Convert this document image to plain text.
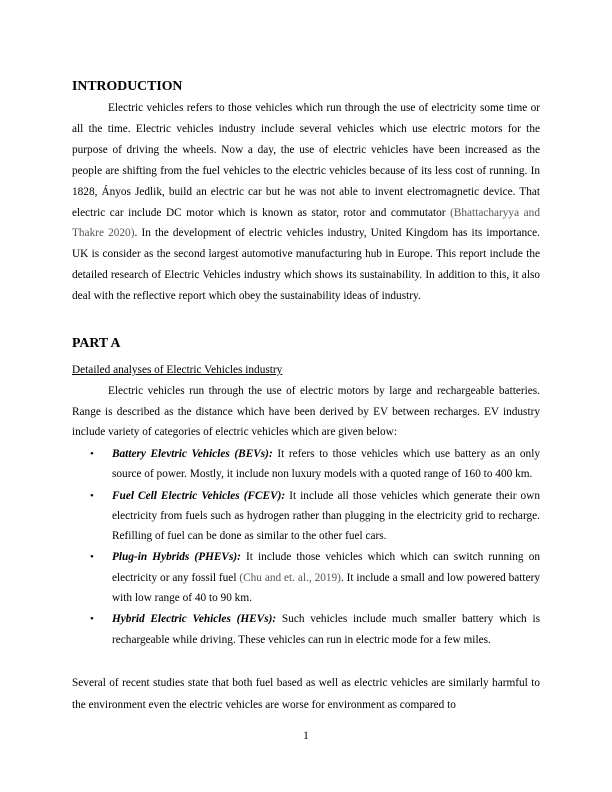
INTRODUCTION

Electric vehicles refers to those vehicles which run through the use of electricity some time or all the time. Electric vehicles industry include several vehicles which use electric motors for the purpose of driving the wheels. Now a day, the use of electric vehicles have been increased as the people are shifting from the fuel vehicles to the electric vehicles because of its less cost of running. In 1828, Ányos Jedlik, build an electric car but he was not able to invent electromagnetic device. That electric car include DC motor which is known as stator, rotor and commutator (Bhattacharyya and Thakre 2020). In the development of electric vehicles industry, United Kingdom has its importance. UK is consider as the second largest automotive manufacturing hub in Europe. This report include the detailed research of Electric Vehicles industry which shows its sustainability. In addition to this, it also deal with the reflective report which obey the sustainability ideas of industry.

PART A

Detailed analyses of Electric Vehicles industry

Electric vehicles run through the use of electric motors by large and rechargeable batteries. Range is described as the distance which have been derived by EV between recharges. EV industry include variety of categories of electric vehicles which are given below:

• Battery Elevtric Vehicles (BEVs): It refers to those vehicles which use battery as an only source of power. Mostly, it include non luxury models with a quoted range of 160 to 400 km.
• Fuel Cell Electric Vehicles (FCEV): It include all those vehicles which generate their own electricity from fuels such as hydrogen rather than plugging in the electricity grid to recharge. Refilling of fuel can be done as similar to the other fuel cars.
• Plug-in Hybrids (PHEVs): It include those vehicles which which can switch running on electricity or any fossil fuel (Chu and et. al., 2019). It include a small and low powered battery with low range of 40 to 90 km.
• Hybrid Electric Vehicles (HEVs): Such vehicles include much smaller battery which is rechargeable while driving. These vehicles can run in electric mode for a few miles.

Several of recent studies state that both fuel based as well as electric vehicles are similarly harmful to the environment even the electric vehicles are worse for environment as compared to

1
